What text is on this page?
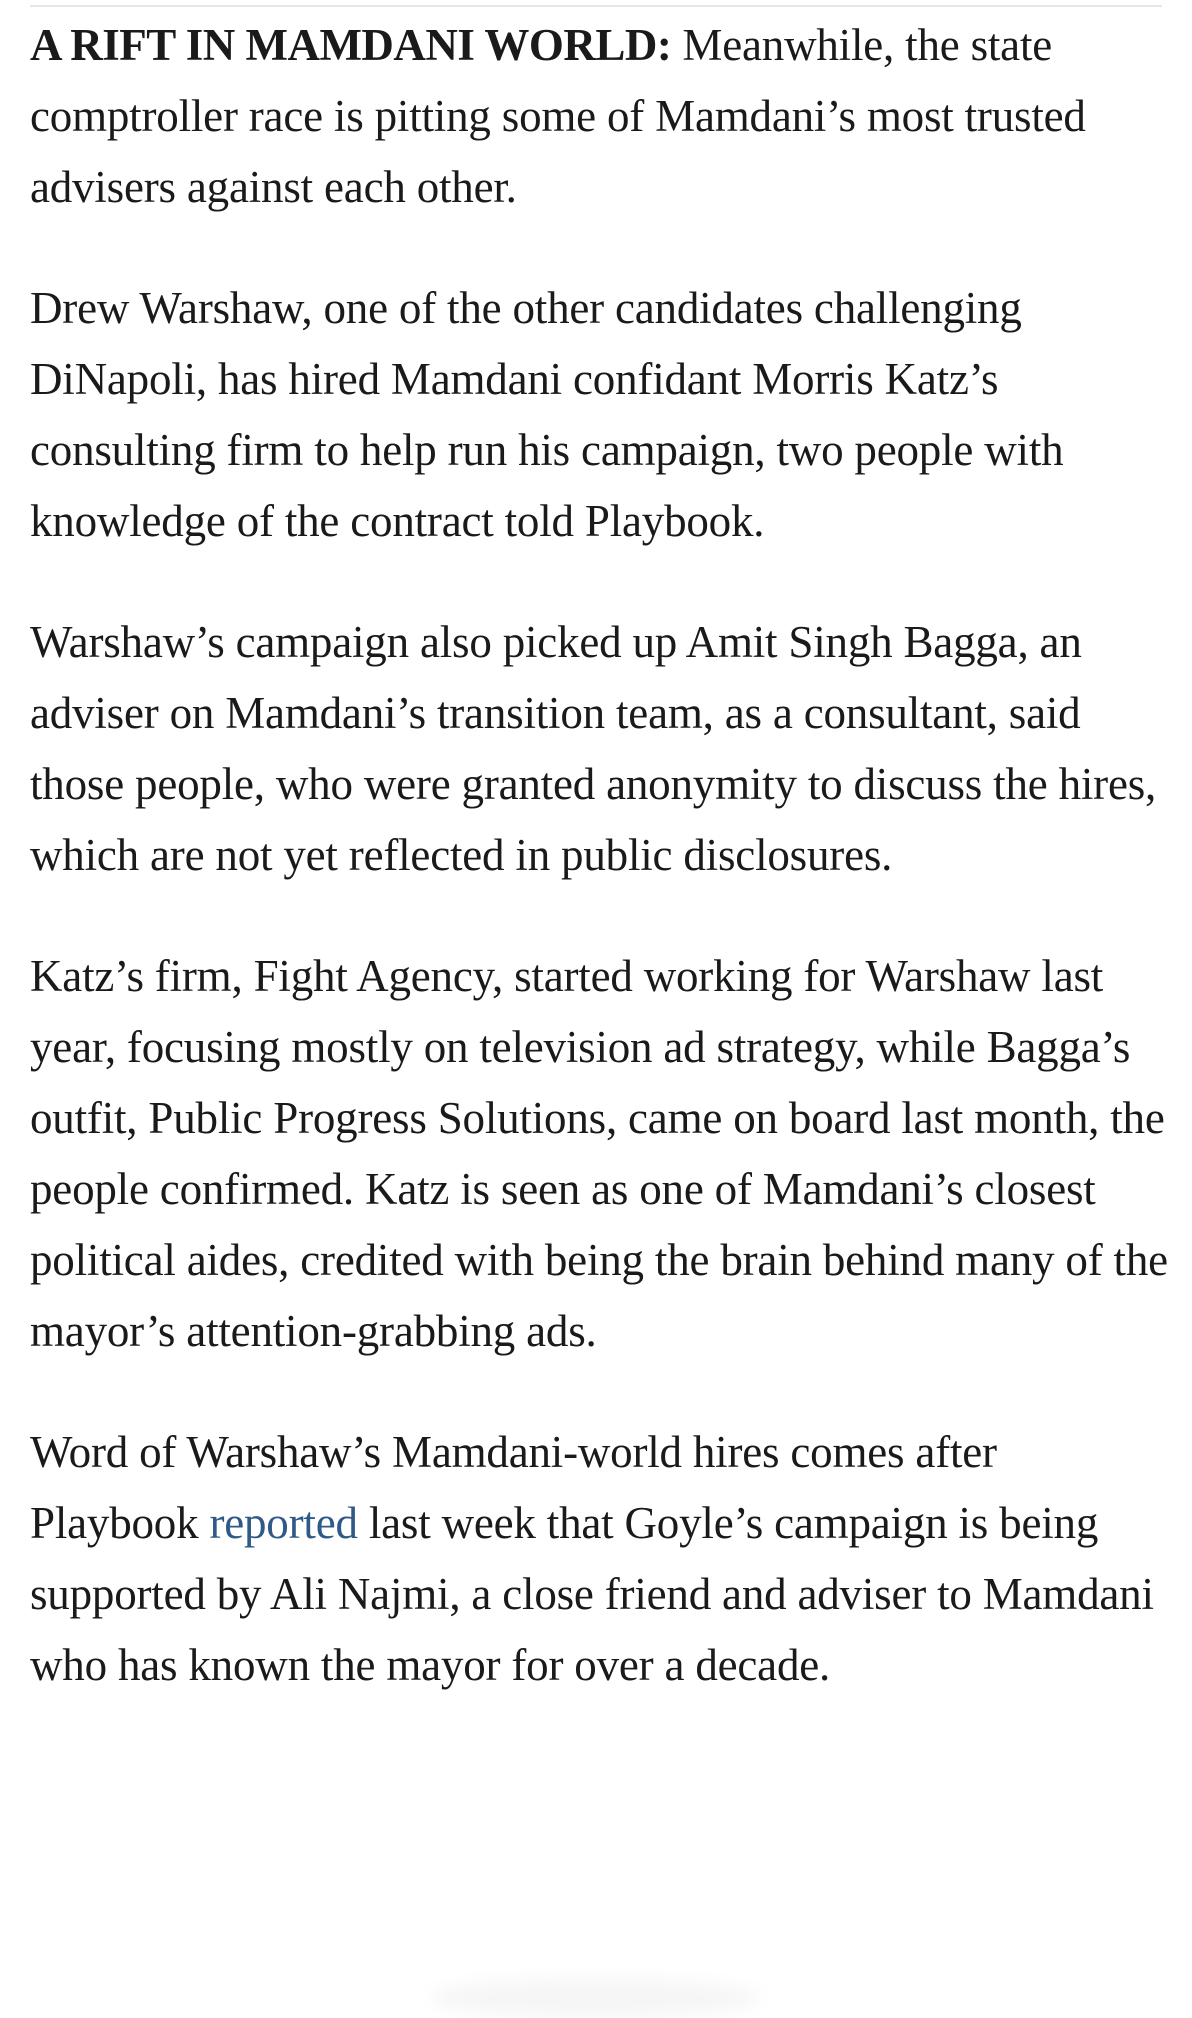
A RIFT IN MAMDANI WORLD: Meanwhile, the state comptroller race is pitting some of Mamdani’s most trusted advisers against each other.

Drew Warshaw, one of the other candidates challenging DiNapoli, has hired Mamdani confidant Morris Katz’s consulting firm to help run his campaign, two people with knowledge of the contract told Playbook.

Warshaw’s campaign also picked up Amit Singh Bagga, an adviser on Mamdani’s transition team, as a consultant, said those people, who were granted anonymity to discuss the hires, which are not yet reflected in public disclosures.

Katz’s firm, Fight Agency, started working for Warshaw last year, focusing mostly on television ad strategy, while Bagga’s outfit, Public Progress Solutions, came on board last month, the people confirmed. Katz is seen as one of Mamdani’s closest political aides, credited with being the brain behind many of the mayor’s attention-grabbing ads.

Word of Warshaw’s Mamdani-world hires comes after Playbook reported last week that Goyle’s campaign is being supported by Ali Najmi, a close friend and adviser to Mamdani who has known the mayor for over a decade.
